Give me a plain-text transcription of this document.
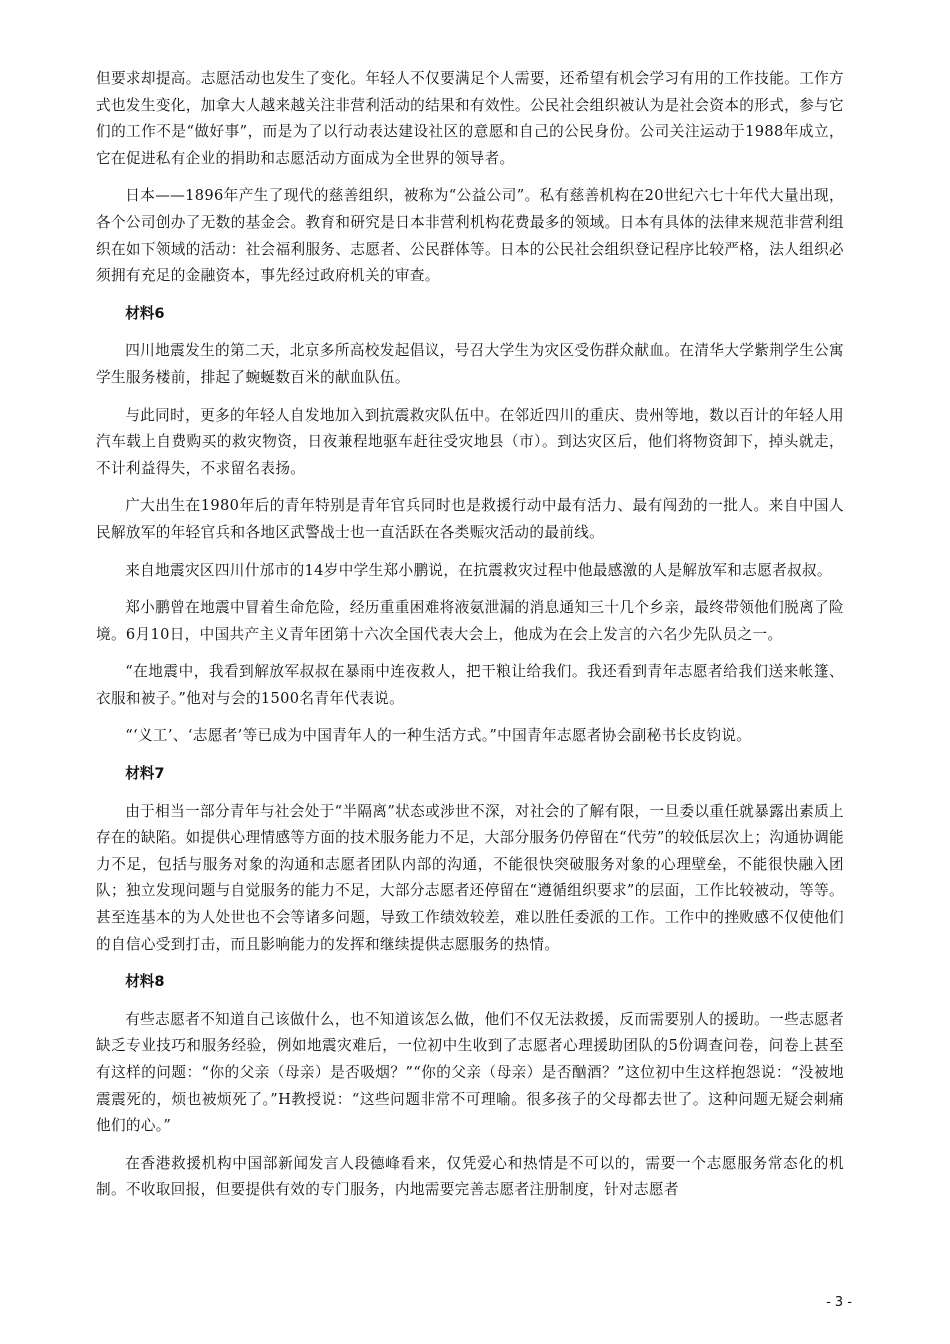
但要求却提高。志愿活动也发生了变化。年轻人不仅要满足个人需要，还希望有机会学习有用的工作技能。工作方式也发生变化，加拿大人越来越关注非营利活动的结果和有效性。公民社会组织被认为是社会资本的形式，参与它们的工作不是“做好事”，而是为了以行动表达建设社区的意愿和自己的公民身份。公司关注运动于1988年成立，它在促进私有企业的捐助和志愿活动方面成为全世界的领导者。

日本——1896年产生了现代的慈善组织，被称为“公益公司”。私有慈善机构在20世纪六七十年代大量出现，各个公司创办了无数的基金会。教育和研究是日本非营利机构花费最多的领域。日本有具体的法律来规范非营利组织在如下领域的活动：社会福利服务、志愿者、公民群体等。日本的公民社会组织登记程序比较严格，法人组织必须拥有充足的金融资本，事先经过政府机关的审查。

材料6

四川地震发生的第二天，北京多所高校发起倡议，号召大学生为灾区受伤群众献血。在清华大学紫荆学生公寓学生服务楼前，排起了蜿蜒数百米的献血队伍。

与此同时，更多的年轻人自发地加入到抗震救灾队伍中。在邻近四川的重庆、贵州等地，数以百计的年轻人用汽车载上自费购买的救灾物资，日夜兼程地驱车赶往受灾地县（市）。到达灾区后，他们将物资卸下，掉头就走，不计利益得失，不求留名表扬。

广大出生在1980年后的青年特别是青年官兵同时也是救援行动中最有活力、最有闯劲的一批人。来自中国人民解放军的年轻官兵和各地区武警战士也一直活跃在各类赈灾活动的最前线。

来自地震灾区四川什邡市的14岁中学生郑小鹏说，在抗震救灾过程中他最感激的人是解放军和志愿者叔叔。

郑小鹏曾在地震中冒着生命危险，经历重重困难将液氨泄漏的消息通知三十几个乡亲，最终带领他们脱离了险境。6月10日，中国共产主义青年团第十六次全国代表大会上，他成为在会上发言的六名少先队员之一。

“在地震中，我看到解放军叔叔在暴雨中连夜救人，把干粮让给我们。我还看到青年志愿者给我们送来帐篷、衣服和被子。”他对与会的1500名青年代表说。

“‘义工’、‘志愿者’等已成为中国青年人的一种生活方式。”中国青年志愿者协会副秘书长皮钧说。

材料7

由于相当一部分青年与社会处于“半隔离”状态或涉世不深，对社会的了解有限，一旦委以重任就暴露出素质上存在的缺陷。如提供心理情感等方面的技术服务能力不足，大部分服务仍停留在“代劳”的较低层次上；沟通协调能力不足，包括与服务对象的沟通和志愿者团队内部的沟通，不能很快突破服务对象的心理壁垒，不能很快融入团队；独立发现问题与自觉服务的能力不足，大部分志愿者还停留在“遵循组织要求”的层面，工作比较被动，等等。甚至连基本的为人处世也不会等诸多问题，导致工作绩效较差，难以胜任委派的工作。工作中的挫败感不仅使他们的自信心受到打击，而且影响能力的发挥和继续提供志愿服务的热情。

材料8

有些志愿者不知道自己该做什么，也不知道该怎么做，他们不仅无法救援，反而需要别人的援助。一些志愿者缺乏专业技巧和服务经验，例如地震灾难后，一位初中生收到了志愿者心理援助团队的5份调查问卷，问卷上甚至有这样的问题：“你的父亲（母亲）是否吸烟？”“你的父亲（母亲）是否酗酒？”这位初中生这样抱怨说：“没被地震震死的，烦也被烦死了。”H教授说：“这些问题非常不可理喻。很多孩子的父母都去世了。这种问题无疑会刺痛他们的心。”

在香港救援机构中国部新闻发言人段德峰看来，仅凭爱心和热情是不可以的，需要一个志愿服务常态化的机制。不收取回报，但要提供有效的专门服务，内地需要完善志愿者注册制度，针对志愿者

- 3 -
